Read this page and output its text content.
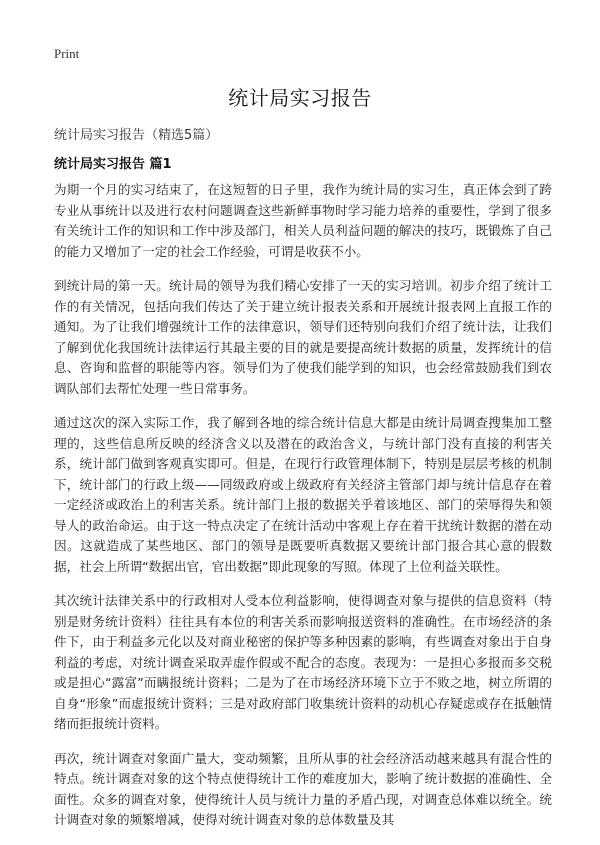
Print
统计局实习报告
统计局实习报告（精选5篇）
统计局实习报告 篇1

为期一个月的实习结束了，在这短暂的日子里，我作为统计局的实习生，真正体会到了跨专业从事统计以及进行农村问题调查这些新鲜事物时学习能力培养的重要性，学到了很多有关统计工作的知识和工作中涉及部门，相关人员利益问题的解决的技巧，既锻炼了自己的能力又增加了一定的社会工作经验，可谓是收获不小。

到统计局的第一天。统计局的领导为我们精心安排了一天的实习培训。初步介绍了统计工作的有关情况，包括向我们传达了关于建立统计报表关系和开展统计报表网上直报工作的通知。为了让我们增强统计工作的法律意识，领导们还特别向我们介绍了统计法，让我们了解到优化我国统计法律运行其最主要的目的就是要提高统计数据的质量，发挥统计的信息、咨询和监督的职能等内容。领导们为了使我们能学到的知识，也会经常鼓励我们到农调队部们去帮忙处理一些日常事务。

通过这次的深入实际工作，我了解到各地的综合统计信息大都是由统计局调查搜集加工整理的，这些信息所反映的经济含义以及潜在的政治含义，与统计部门没有直接的利害关系，统计部门做到客观真实即可。但是，在现行行政管理体制下，特别是层层考核的机制下，统计部门的行政上级——同级政府或上级政府有关经济主管部门却与统计信息存在着一定经济或政治上的利害关系。统计部门上报的数据关乎着该地区、部门的荣辱得失和领导人的政治命运。由于这一特点决定了在统计活动中客观上存在着干扰统计数据的潜在动因。这就造成了某些地区、部门的领导是既要听真数据又要统计部门报合其心意的假数据，社会上所谓“数据出官，官出数据”即此现象的写照。体现了上位利益关联性。

其次统计法律关系中的行政相对人受本位利益影响，使得调查对象与提供的信息资料（特别是财务统计资料）往往具有本位的利害关系而影响报送资料的准确性。在市场经济的条件下，由于利益多元化以及对商业秘密的保护等多种因素的影响，有些调查对象出于自身利益的考虑，对统计调查采取弄虚作假或不配合的态度。表现为：一是担心多报而多交税或是担心“露富”而瞒报统计资料；二是为了在市场经济环境下立于不败之地，树立所谓的自身“形象”而虚报统计资料；三是对政府部门收集统计资料的动机心存疑虑或存在抵触情绪而拒报统计资料。

再次，统计调查对象面广量大，变动频繁，且所从事的社会经济活动越来越具有混合性的特点。统计调查对象的这个特点使得统计工作的难度加大，影响了统计数据的准确性、全面性。众多的调查对象，使得统计人员与统计力量的矛盾凸现，对调查总体难以统全。统计调查对象的频繁增减，使得对统计调查对象的总体数量及其
